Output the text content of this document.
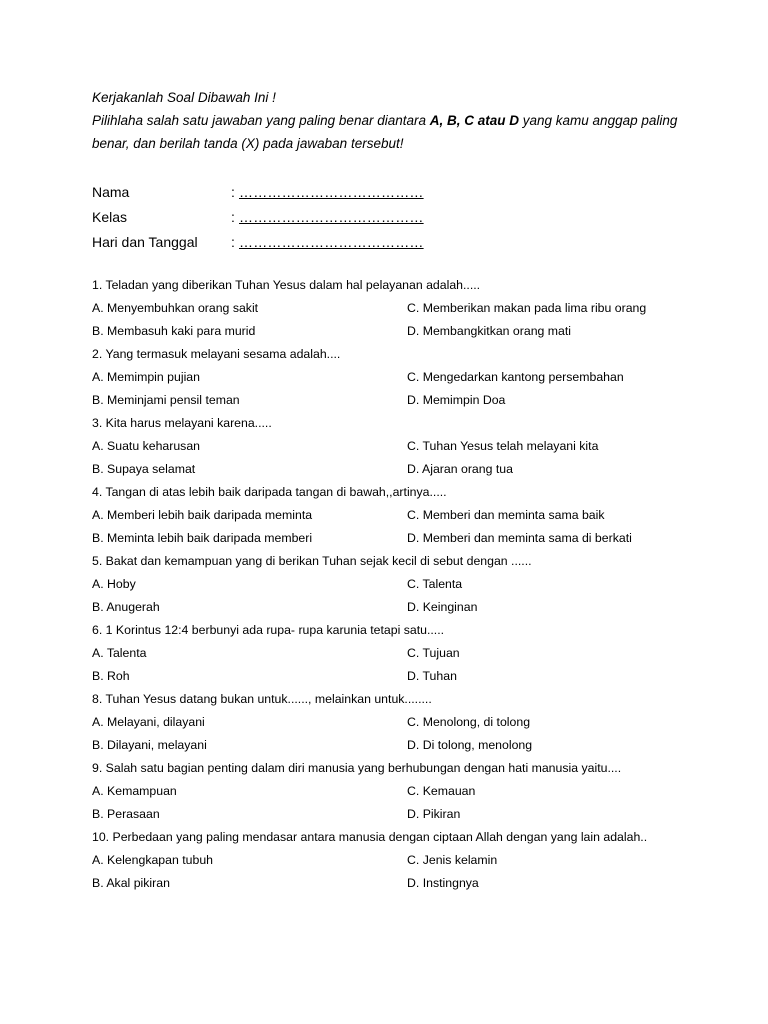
Kerjakanlah Soal Dibawah Ini !

Pilihlaha salah satu jawaban yang paling benar diantara A, B, C atau D yang kamu anggap paling

benar, dan berilah tanda (X) pada jawaban tersebut!

Nama	: …………………………………
Kelas	: …………………………………
Hari dan Tanggal	: …………………………………
1. Teladan yang diberikan Tuhan Yesus dalam hal pelayanan adalah.....
A. Menyembuhkan orang sakit	C. Memberikan makan pada lima ribu orang
B. Membasuh kaki para murid	D. Membangkitkan orang mati
2. Yang termasuk melayani sesama adalah....
A. Memimpin pujian	C. Mengedarkan kantong persembahan
B. Meminjami pensil teman	D. Memimpin Doa
3. Kita harus melayani karena.....
A. Suatu keharusan	C. Tuhan Yesus telah melayani kita
B. Supaya selamat	D. Ajaran orang tua
4. Tangan di atas lebih baik daripada tangan di bawah,,artinya.....
A. Memberi lebih baik daripada meminta	C. Memberi dan meminta sama baik
B. Meminta lebih baik daripada memberi	D. Memberi dan meminta sama di berkati
5. Bakat dan kemampuan yang di berikan Tuhan sejak kecil di sebut dengan ......
A. Hoby	C. Talenta
B. Anugerah	D. Keinginan
6. 1 Korintus 12:4 berbunyi ada rupa- rupa karunia tetapi satu.....
A. Talenta	C. Tujuan
B. Roh	D. Tuhan
8. Tuhan Yesus datang bukan untuk......, melainkan untuk........
A. Melayani, dilayani	C. Menolong, di tolong
B. Dilayani, melayani	D. Di tolong, menolong
9. Salah satu bagian penting dalam diri manusia yang berhubungan dengan hati manusia yaitu....
A. Kemampuan	C. Kemauan
B. Perasaan	D. Pikiran
10. Perbedaan yang paling mendasar antara manusia dengan ciptaan Allah dengan yang lain adalah..
A. Kelengkapan tubuh	C. Jenis kelamin
B. Akal pikiran	D. Instingnya
